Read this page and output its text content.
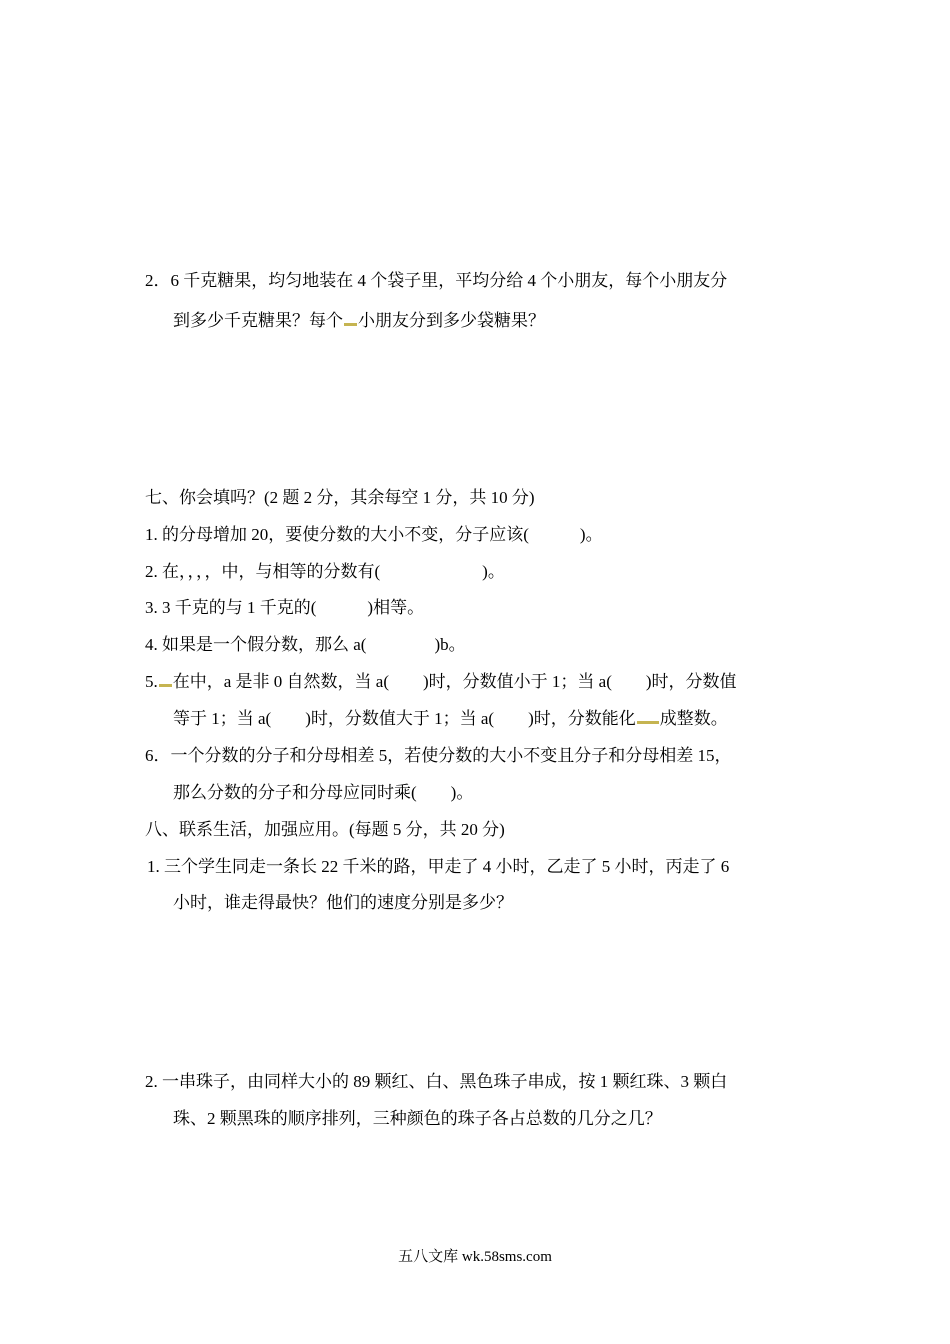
2．6 千克糖果，均匀地装在 4 个袋子里，平均分给 4 个小朋友，每个小朋友分
到多少千克糖果？每个 小朋友分到多少袋糖果？
七、你会填吗？(2 题 2 分，其余每空 1 分，共 10 分)
1. 的分母增加 20，要使分数的大小不变，分子应该(　　　)。
2. 在，，，，中，与相等的分数有(　　　　　　)。
3. 3 千克的与 1 千克的(　　　)相等。
4. 如果是一个假分数，那么 a(　　　　)b。
5. 在中，a 是非 0 自然数，当 a(　　)时，分数值小于 1；当 a(　　)时，分数值
等于 1；当 a(　　)时，分数值大于 1；当 a(　　)时，分数能化 成整数。
6．一个分数的分子和分母相差 5，若使分数的大小不变且分子和分母相差 15，
那么分数的分子和分母应同时乘(　　)。
八、联系生活，加强应用。(每题 5 分，共 20 分)
1. 三个学生同走一条长 22 千米的路，甲走了 4 小时，乙走了 5 小时，丙走了 6
小时，谁走得最快？他们的速度分别是多少？
2. 一串珠子，由同样大小的 89 颗红、白、黑色珠子串成，按 1 颗红珠、3 颗白
珠、2 颗黑珠的顺序排列，三种颜色的珠子各占总数的几分之几？
五八文库 wk.58sms.com
